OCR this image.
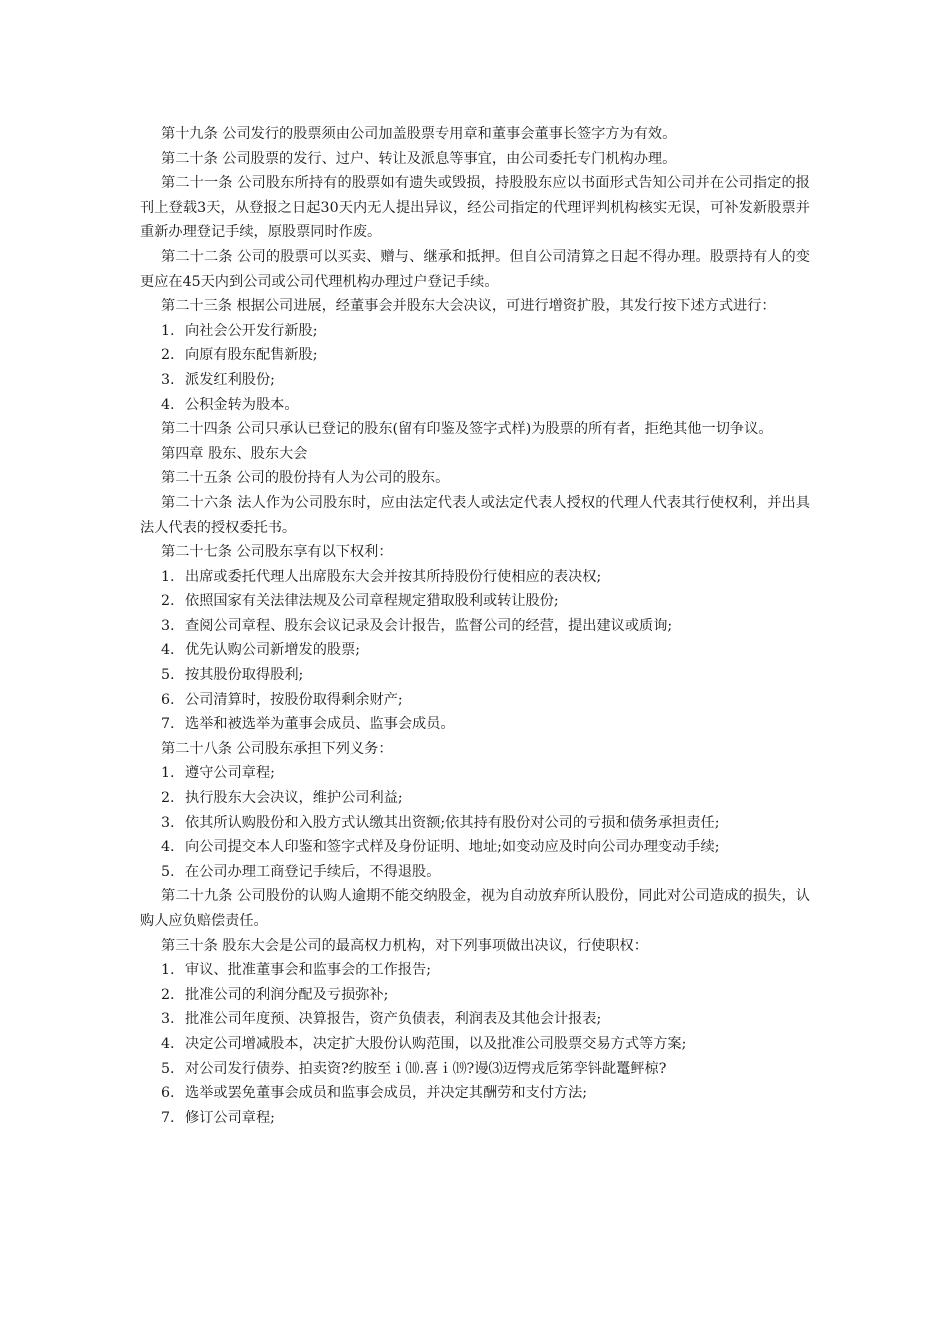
第十九条 公司发行的股票须由公司加盖股票专用章和董事会董事长签字方为有效。

第二十条 公司股票的发行、过户、转让及派息等事宜，由公司委托专门机构办理。

第二十一条 公司股东所持有的股票如有遗失或毁损，持股股东应以书面形式告知公司并在公司指定的报刊上登载3天，从登报之日起30天内无人提出异议，经公司指定的代理评判机构核实无误，可补发新股票并重新办理登记手续，原股票同时作废。

第二十二条 公司的股票可以买卖、赠与、继承和抵押。但自公司清算之日起不得办理。股票持有人的变更应在45天内到公司或公司代理机构办理过户登记手续。

第二十三条 根据公司进展，经董事会并股东大会决议，可进行增资扩股，其发行按下述方式进行：

1. 向社会公开发行新股;

2. 向原有股东配售新股;

3. 派发红利股份;

4. 公积金转为股本。

第二十四条 公司只承认已登记的股东(留有印鉴及签字式样)为股票的所有者，拒绝其他一切争议。

第四章 股东、股东大会

第二十五条 公司的股份持有人为公司的股东。

第二十六条 法人作为公司股东时，应由法定代表人或法定代表人授权的代理人代表其行使权利，并出具法人代表的授权委托书。

第二十七条 公司股东享有以下权利：

1. 出席或委托代理人出席股东大会并按其所持股份行使相应的表决权;

2. 依照国家有关法律法规及公司章程规定猎取股利或转让股份;

3. 查阅公司章程、股东会议记录及会计报告，监督公司的经营，提出建议或质询;

4. 优先认购公司新增发的股票;

5. 按其股份取得股利;

6. 公司清算时，按股份取得剩余财产;

7. 选举和被选举为董事会成员、监事会成员。

第二十八条 公司股东承担下列义务：

1. 遵守公司章程;

2. 执行股东大会决议，维护公司利益;

3. 依其所认购股份和入股方式认缴其出资额;依其持有股份对公司的亏损和债务承担责任;

4. 向公司提交本人印鉴和签字式样及身份证明、地址;如变动应及时向公司办理变动手续;

5. 在公司办理工商登记手续后，不得退股。

第二十九条 公司股份的认购人逾期不能交纳股金，视为自动放弃所认股份，同此对公司造成的损失，认购人应负赔偿责任。

第三十条 股东大会是公司的最高权力机构，对下列事项做出决议，行使职权：

1. 审议、批准董事会和监事会的工作报告;

2. 批准公司的利润分配及亏损弥补;

3. 批准公司年度预、决算报告，资产负债表，利润表及其他会计报表;

4. 决定公司增减股本，决定扩大股份认购范围，以及批准公司股票交易方式等方案;

5. 对公司发行债券、拍卖资?约胺至ｉ⑽.喜ｉ⒆?谩⑶迈愕戎卮笫孪钭龀鼍鲆椋?

6. 选举或罢免董事会成员和监事会成员，并决定其酬劳和支付方法;

7. 修订公司章程;
